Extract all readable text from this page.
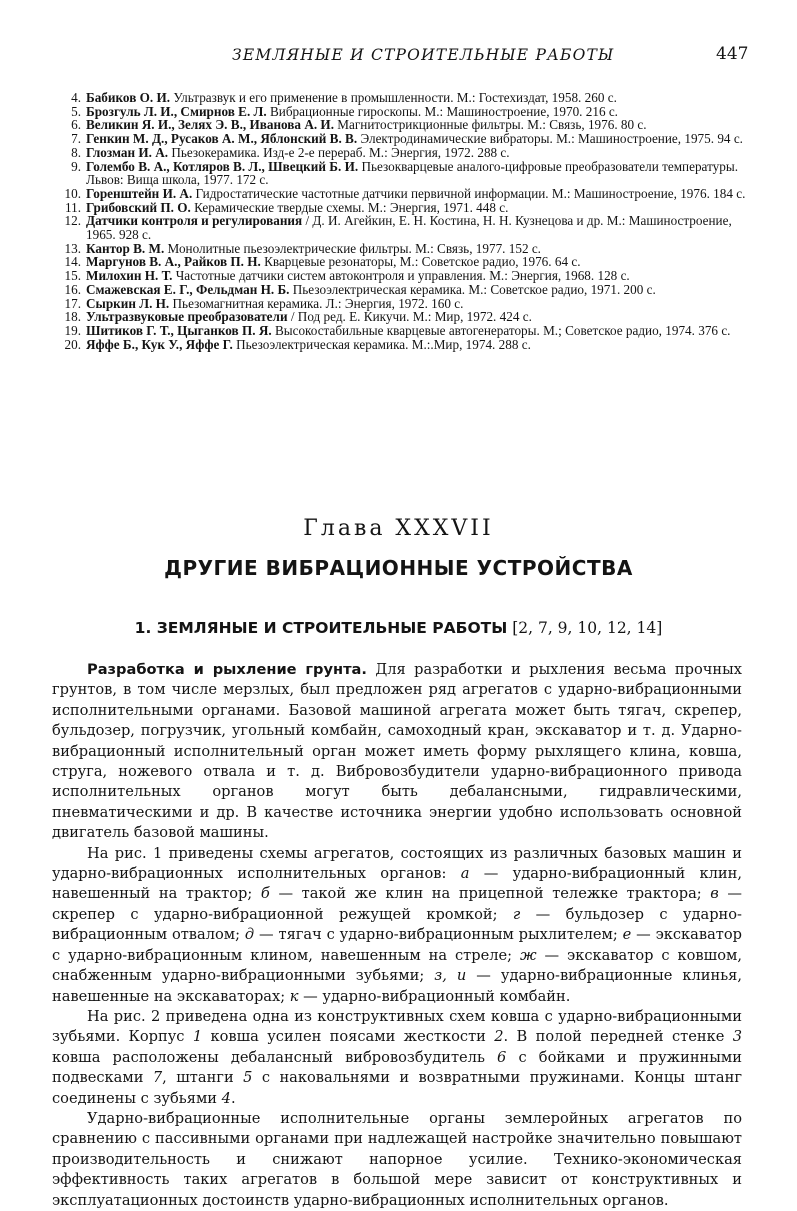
ЗЕМЛЯНЫЕ И СТРОИТЕЛЬНЫЕ РАБОТЫ	447
4. Бабиков О. И. Ультразвук и его применение в промышленности. М.: Гостехиздат, 1958. 260 с.
5. Брозгуль Л. И., Смирнов Е. Л. Вибрационные гироскопы. М.: Машиностроение, 1970. 216 с.
6. Великин Я. И., Зелях Э. В., Иванова А. И. Магнитострикционные фильтры. М.: Связь, 1976. 80 с.
7. Генкин М. Д., Русаков А. М., Яблонский В. В. Электродинамические вибраторы. М.: Машиностроение, 1975. 94 с.
8. Глозман И. А. Пьезокерамика. Изд-е 2-е перераб. М.: Энергия, 1972. 288 с.
9. Голембо В. А., Котляров В. Л., Швецкий Б. И. Пьезокварцевые аналого-цифровые преобразователи температуры. Львов: Вища школа, 1977. 172 с.
10. Гоpенштейн И. А. Гидростатические частотные датчики первичной информации. М.: Машиностроение, 1976. 184 с.
11. Грибовский П. О. Керамические твердые схемы. М.: Энергия, 1971. 448 с.
12. Датчики контроля и регулирования / Д. И. Агейкин, Е. Н. Костина, Н. Н. Кузнецова и др. М.: Машиностроение, 1965. 928 с.
13. Кантор В. М. Монолитные пьезоэлектрические фильтры. М.: Связь, 1977. 152 с.
14. Маргунов В. А., Райков П. Н. Кварцевые резонаторы, М.: Советское радио, 1976. 64 с.
15. Милохин Н. Т. Частотные датчики систем автоконтроля и управления. М.: Энергия, 1968. 128 с.
16. Смажевская Е. Г., Фельдман Н. Б. Пьезоэлектрическая керамика. М.: Советское радио, 1971. 200 с.
17. Сыркин Л. Н. Пьезомагнитная керамика. Л.: Энергия, 1972. 160 с.
18. Ультразвуковые преобразователи / Под ред. Е. Кикучи. М.: Мир, 1972. 424 с.
19. Шитиков Г. Т., Цыганков П. Я. Высокостабильные кварцевые автогенераторы. М.; Советское радио, 1974. 376 с.
20. Яффе Б., Кук У., Яффе Г. Пьезоэлектрическая керамика. М.:.Мир, 1974. 288 с.
Глава XXXVII
ДРУГИЕ ВИБРАЦИОННЫЕ УСТРОЙСТВА
1. ЗЕМЛЯНЫЕ И СТРОИТЕЛЬНЫЕ РАБОТЫ [2, 7, 9, 10, 12, 14]

Разработка и рыхление грунта. Для разработки и рыхления весьма прочных грунтов, в том числе мерзлых, был предложен ряд агрегатов с ударно-вибрационными исполнительными органами. Базовой машиной агрегата может быть тягач, скрепер, бульдозер, погрузчик, угольный комбайн, самоходный кран, экскаватор и т. д. Ударно-вибрационный исполнительный орган может иметь форму рыхлящего клина, ковша, струга, ножевого отвала и т. д. Вибровозбудители ударно-вибрационного привода исполнительных органов могут быть дебалансными, гидравлическими, пневматическими и др. В качестве источника энергии удобно использовать основной двигатель базовой машины.

На рис. 1 приведены схемы агрегатов, состоящих из различных базовых машин и ударно-вибрационных исполнительных органов: а — ударно-вибрационный клин, навешенный на трактор; б — такой же клин на прицепной тележке трактора; в — скрепер с ударно-вибрационной режущей кромкой; г — бульдозер с ударно-вибрационным отвалом; д — тягач с ударно-вибрационным рыхлителем; е — экскаватор с ударно-вибрационным клином, навешенным на стреле; ж — экскаватор с ковшом, снабженным ударно-вибрационными зубьями; з, и — ударно-вибрационные клинья, навешенные на экскаваторах; к — ударно-вибрационный комбайн.

На рис. 2 приведена одна из конструктивных схем ковша с ударно-вибрационными зубьями. Корпус 1 ковша усилен поясами жесткости 2. В полой передней стенке 3 ковша расположены дебалансный вибровозбудитель 6 с бойками и пружинными подвесками 7, штанги 5 с наковальнями и возвратными пружинами. Концы штанг соединены с зубьями 4.

Ударно-вибрационные исполнительные органы землеройных агрегатов по сравнению с пассивными органами при надлежащей настройке значительно повышают производительность и снижают напорное усилие. Технико-экономическая эффективность таких агрегатов в большой мере зависит от конструктивных и эксплуатационных достоинств ударно-вибрационных исполнительных органов.
